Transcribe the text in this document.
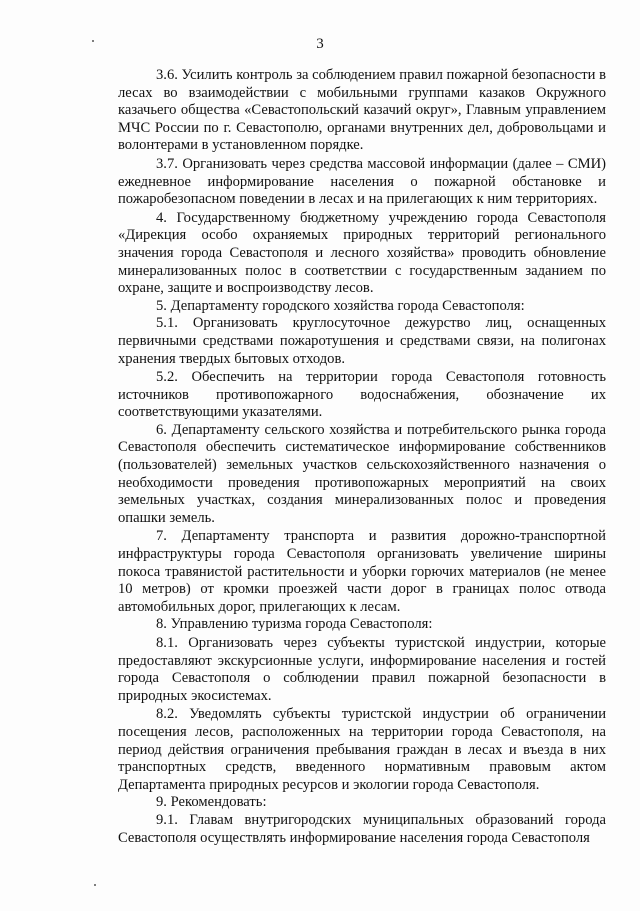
3

3.6. Усилить контроль за соблюдением правил пожарной безопасности в лесах во взаимодействии с мобильными группами казаков Окружного казачьего общества «Севастопольский казачий округ», Главным управлением МЧС России по г. Севастополю, органами внутренних дел, добровольцами и волонтерами в установленном порядке.

3.7. Организовать через средства массовой информации (далее – СМИ) ежедневное информирование населения о пожарной обстановке и пожаробезопасном поведении в лесах и на прилегающих к ним территориях.

4. Государственному бюджетному учреждению города Севастополя «Дирекция особо охраняемых природных территорий регионального значения города Севастополя и лесного хозяйства» проводить обновление минерализованных полос в соответствии с государственным заданием по охране, защите и воспроизводству лесов.

5. Департаменту городского хозяйства города Севастополя:

5.1. Организовать круглосуточное дежурство лиц, оснащенных первичными средствами пожаротушения и средствами связи, на полигонах хранения твердых бытовых отходов.

5.2. Обеспечить на территории города Севастополя готовность источников противопожарного водоснабжения, обозначение их соответствующими указателями.

6. Департаменту сельского хозяйства и потребительского рынка города Севастополя обеспечить систематическое информирование собственников (пользователей) земельных участков сельскохозяйственного назначения о необходимости проведения противопожарных мероприятий на своих земельных участках, создания минерализованных полос и проведения опашки земель.

7. Департаменту транспорта и развития дорожно-транспортной инфраструктуры города Севастополя организовать увеличение ширины покоса травянистой растительности и уборки горючих материалов (не менее 10 метров) от кромки проезжей части дорог в границах полос отвода автомобильных дорог, прилегающих к лесам.

8. Управлению туризма города Севастополя:

8.1. Организовать через субъекты туристской индустрии, которые предоставляют экскурсионные услуги, информирование населения и гостей города Севастополя о соблюдении правил пожарной безопасности в природных экосистемах.

8.2. Уведомлять субъекты туристской индустрии об ограничении посещения лесов, расположенных на территории города Севастополя, на период действия ограничения пребывания граждан в лесах и въезда в них транспортных средств, введенного нормативным правовым актом Департамента природных ресурсов и экологии города Севастополя.

9. Рекомендовать:

9.1. Главам внутригородских муниципальных образований города Севастополя осуществлять информирование населения города Севастополя
